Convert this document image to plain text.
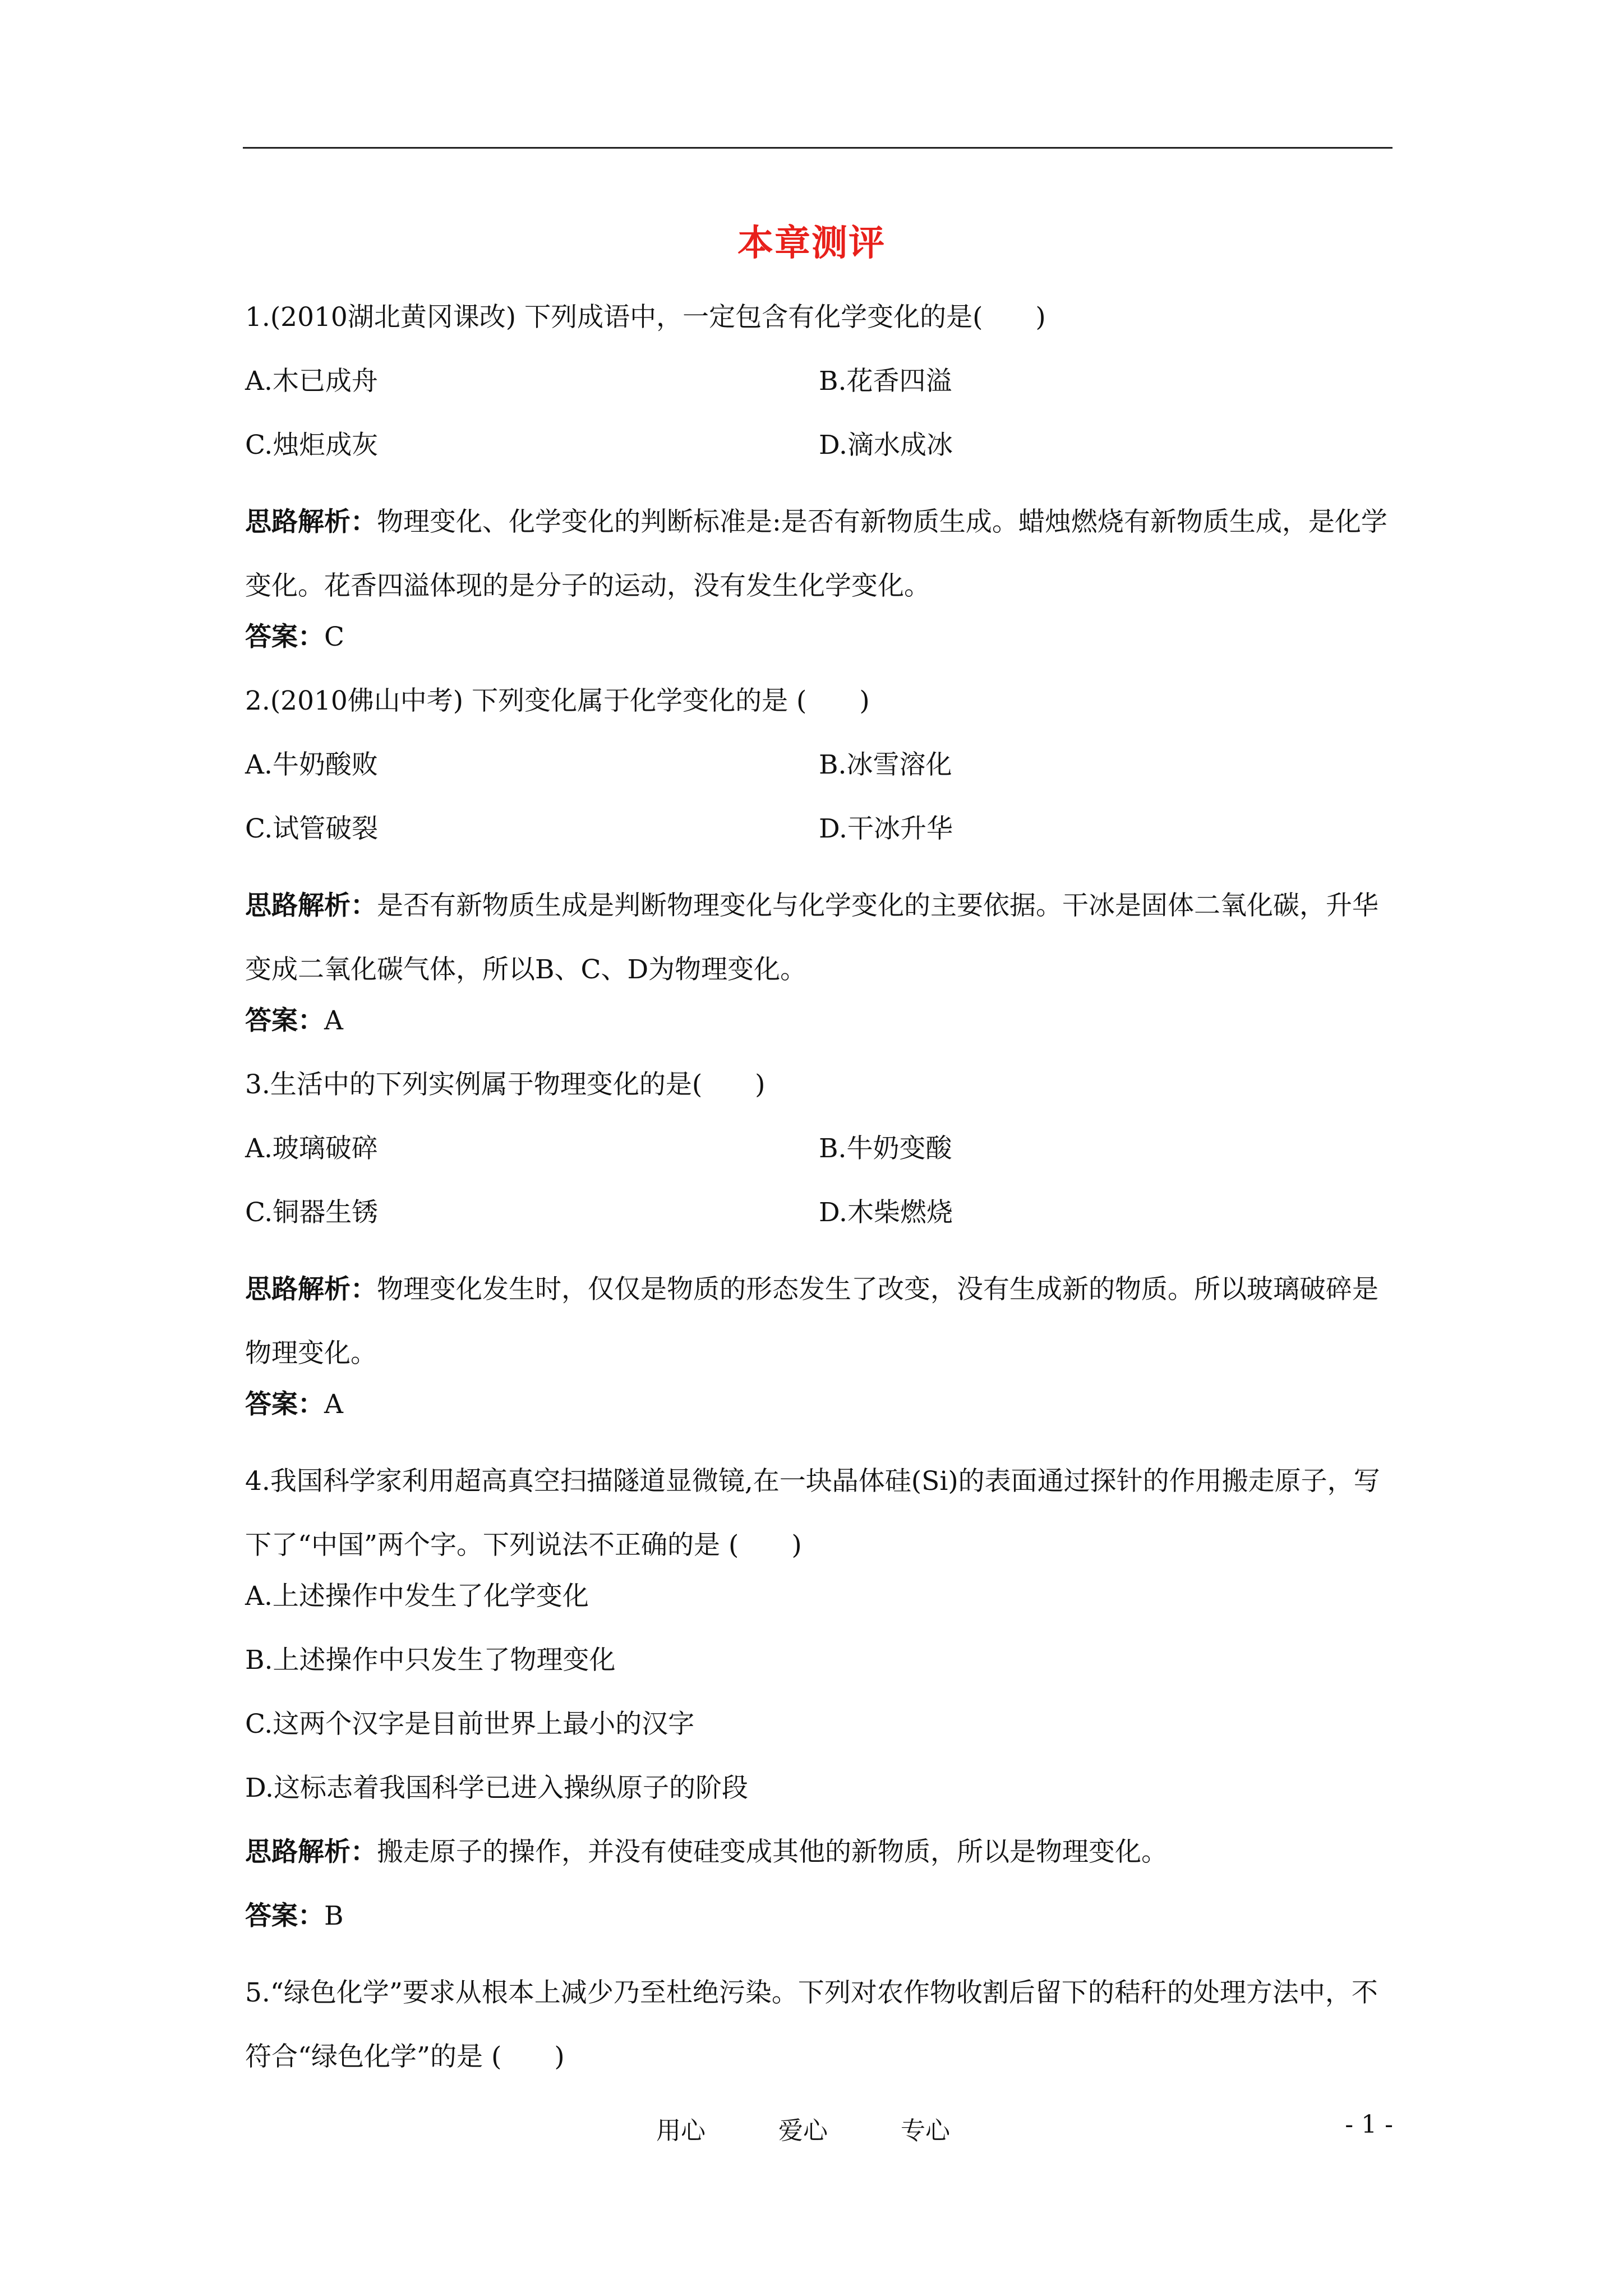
本章测评
1.(2010湖北黄冈课改) 下列成语中，一定包含有化学变化的是(　　)
A.木已成舟	B.花香四溢
C.烛炬成灰	D.滴水成冰
思路解析：物理变化、化学变化的判断标准是:是否有新物质生成。蜡烛燃烧有新物质生成，是化学变化。花香四溢体现的是分子的运动，没有发生化学变化。
答案：C
2.(2010佛山中考) 下列变化属于化学变化的是 (　　)
A.牛奶酸败	B.冰雪溶化
C.试管破裂	D.干冰升华
思路解析：是否有新物质生成是判断物理变化与化学变化的主要依据。干冰是固体二氧化碳，升华变成二氧化碳气体，所以B、C、D为物理变化。
答案：A
3.生活中的下列实例属于物理变化的是(　　)
A.玻璃破碎	B.牛奶变酸
C.铜器生锈	D.木柴燃烧
思路解析：物理变化发生时，仅仅是物质的形态发生了改变，没有生成新的物质。所以玻璃破碎是物理变化。
答案：A
4.我国科学家利用超高真空扫描隧道显微镜,在一块晶体硅(Si)的表面通过探针的作用搬走原子，写下了“中国”两个字。下列说法不正确的是 (　　)
A.上述操作中发生了化学变化
B.上述操作中只发生了物理变化
C.这两个汉字是目前世界上最小的汉字
D.这标志着我国科学已进入操纵原子的阶段
思路解析：搬走原子的操作，并没有使硅变成其他的新物质，所以是物理变化。
答案：B
5.“绿色化学”要求从根本上减少乃至杜绝污染。下列对农作物收割后留下的秸秆的处理方法中，不符合“绿色化学”的是 (　　)
用心	爱心	专心	- 1 -
